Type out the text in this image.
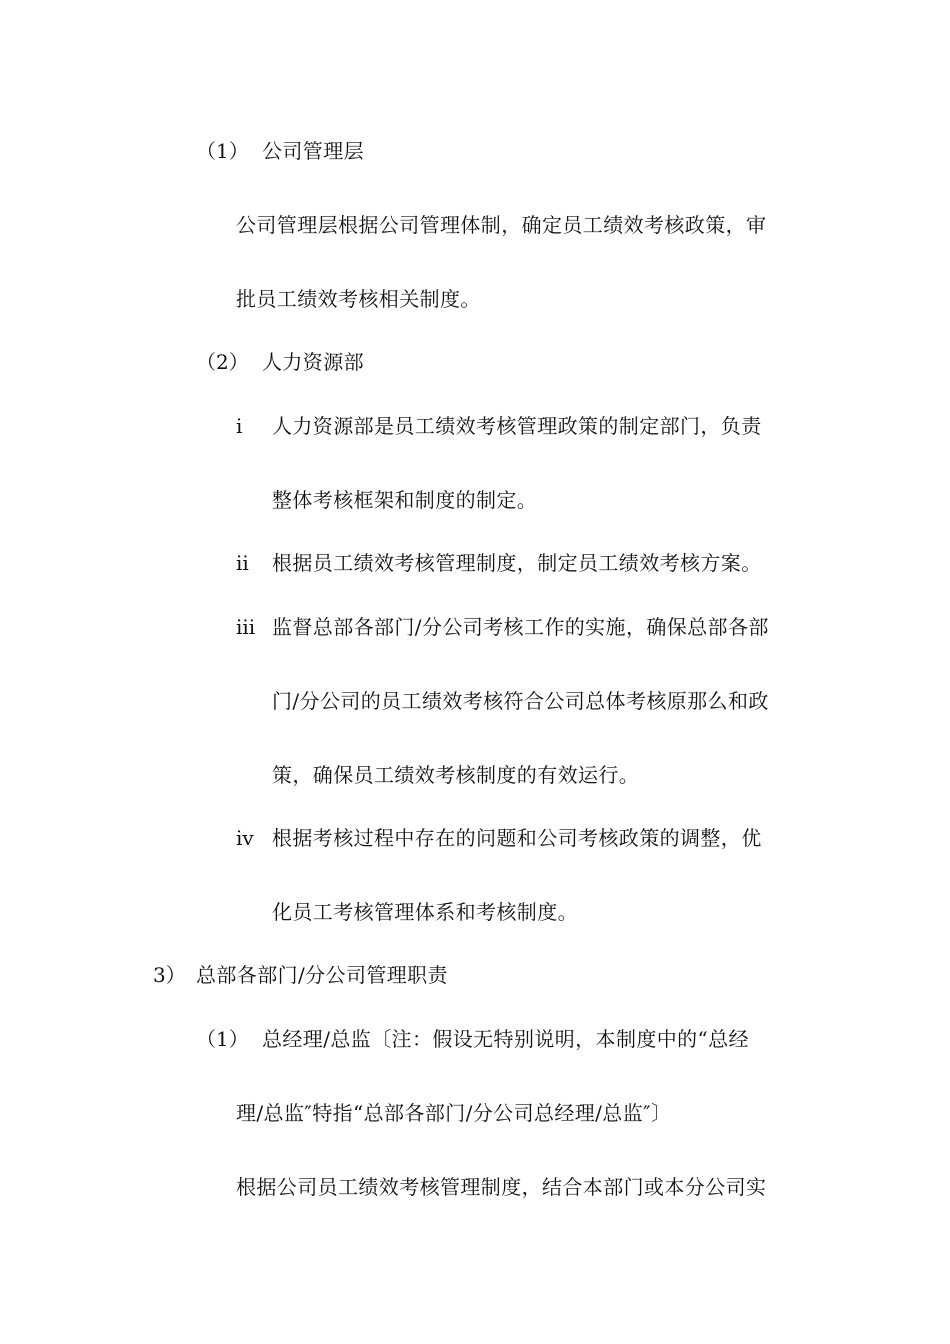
（1） 公司管理层
公司管理层根据公司管理体制，确定员工绩效考核政策，审
批员工绩效考核相关制度。
（2） 人力资源部
i 人力资源部是员工绩效考核管理政策的制定部门，负责
整体考核框架和制度的制定。
ii 根据员工绩效考核管理制度，制定员工绩效考核方案。
iii 监督总部各部门/分公司考核工作的实施，确保总部各部
门/分公司的员工绩效考核符合公司总体考核原那么和政
策，确保员工绩效考核制度的有效运行。
iv 根据考核过程中存在的问题和公司考核政策的调整，优
化员工考核管理体系和考核制度。
3） 总部各部门/分公司管理职责
（1） 总经理/总监〔注：假设无特别说明，本制度中的“总经
理/总监″特指“总部各部门/分公司总经理/总监″〕
根据公司员工绩效考核管理制度，结合本部门或本分公司实
